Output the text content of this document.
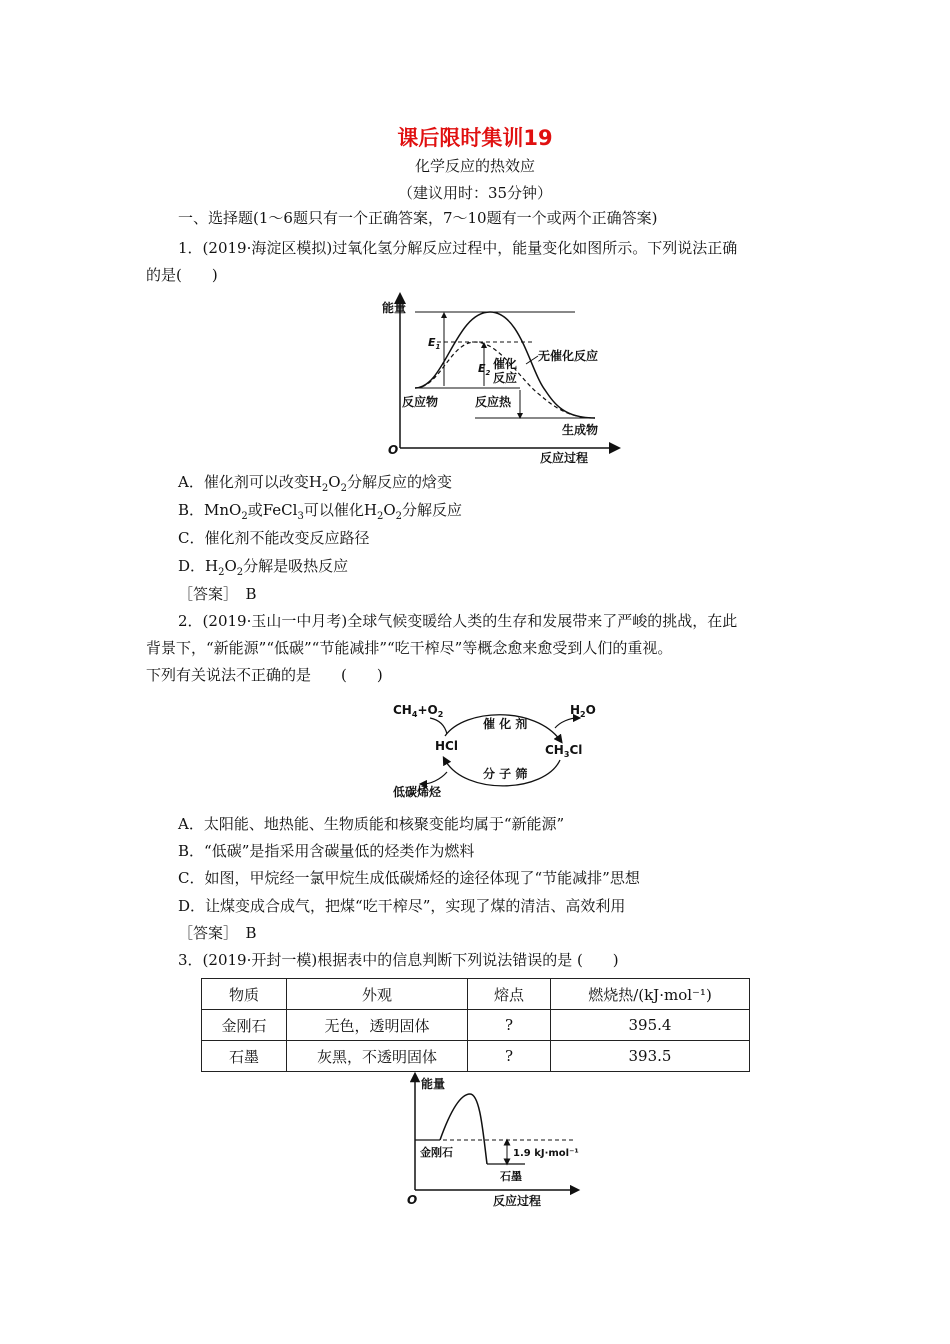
课后限时集训19
化学反应的热效应
（建议用时：35分钟）
一、选择题(1～6题只有一个正确答案，7～10题有一个或两个正确答案)
1．(2019·海淀区模拟)过氧化氢分解反应过程中，能量变化如图所示。下列说法正确
的是(　　)
能量
O
反应过程
$E_1$
$E_2$
催化
反应
无催化反应
反应物	反应热
生成物
A．催化剂可以改变$H_2O_2$分解反应的焓变
B．MnO$_2$或FeCl$_3$可以催化$H_2O_2$分解反应
C．催化剂不能改变反应路径
D．$H_2O_2$分解是吸热反应
［答案］　B
2．(2019·玉山一中月考)全球气候变暖给人类的生存和发展带来了严峻的挑战，在此
背景下，“新能源”“低碳”“节能减排”“吃干榨尽”等概念愈来愈受到人们的重视。
下列有关说法不正确的是　　(　　)
$CH_4+O_2$	$H_2O$
催 化 剂
HCl	$CH_3Cl$
分 子 筛
低碳烯烃
A．太阳能、地热能、生物质能和核聚变能均属于“新能源”
B．“低碳”是指采用含碳量低的烃类作为燃料
C．如图，甲烷经一氯甲烷生成低碳烯烃的途径体现了“节能减排”思想
D．让煤变成合成气，把煤“吃干榨尽”，实现了煤的清洁、高效利用
［答案］　B
3．(2019·开封一模)根据表中的信息判断下列说法错误的是 (　　)
物质	外观	熔点	燃烧热/(kJ·mol⁻¹)
金刚石	无色，透明固体	?	395.4
石墨	灰黑，不透明固体	?	393.5
能量
O	反应过程
金刚石
石墨
1.9 kJ·mol⁻¹
